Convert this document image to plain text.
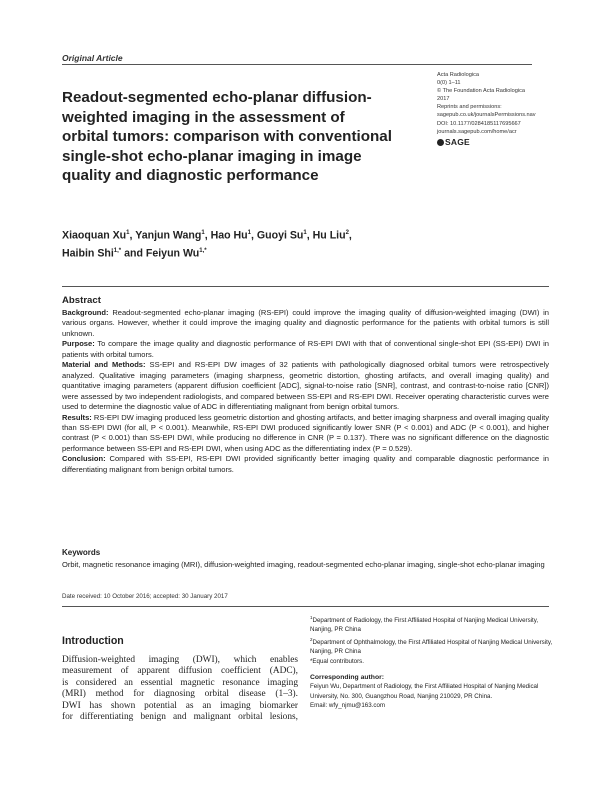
Original Article
Readout-segmented echo-planar diffusion-weighted imaging in the assessment of orbital tumors: comparison with conventional single-shot echo-planar imaging in image quality and diagnostic performance
Acta Radiologica
0(0) 1–11
© The Foundation Acta Radiologica
2017
Reprints and permissions:
sagepub.co.uk/journalsPermissions.nav
DOI: 10.1177/0284185117695667
journals.sagepub.com/home/acr
SAGE
Xiaoquan Xu$^1$, Yanjun Wang$^1$, Hao Hu$^1$, Guoyi Su$^1$, Hu Liu$^2$,
Haibin Shi$^{1,*}$ and Feiyun $Wu^{1,*}$
Abstract

Background: Readout-segmented echo-planar imaging (RS-EPI) could improve the imaging quality of diffusion-weighted imaging (DWI) in various organs. However, whether it could improve the imaging quality and diagnostic performance for the patients with orbital tumors is still unknown.

Purpose: To compare the image quality and diagnostic performance of RS-EPI DWI with that of conventional single-shot EPI (SS-EPI) DWI in patients with orbital tumors.

Material and Methods: SS-EPI and RS-EPI DW images of 32 patients with pathologically diagnosed orbital tumors were retrospectively analyzed. Qualitative imaging parameters (imaging sharpness, geometric distortion, ghosting artifacts, and overall imaging quality) and quantitative imaging parameters (apparent diffusion coefficient [ADC], signal-to-noise ratio [SNR], contrast, and contrast-to-noise ratio [CNR]) were assessed by two independent radiologists, and compared between SS-EPI and RS-EPI DWI. Receiver operating characteristic curves were used to determine the diagnostic value of ADC in differentiating malignant from benign orbital tumors.

Results: RS-EPI DW imaging produced less geometric distortion and ghosting artifacts, and better imaging sharpness and overall imaging quality than SS-EPI DWI (for all, P < 0.001). Meanwhile, RS-EPI DWI produced significantly lower SNR (P < 0.001) and ADC (P < 0.001), and higher contrast (P < 0.001) than SS-EPI DWI, while producing no difference in CNR (P = 0.137). There was no significant difference on the diagnostic performance between SS-EPI and RS-EPI DWI, when using ADC as the differentiating index (P = 0.529).

Conclusion: Compared with SS-EPI, RS-EPI DWI provided significantly better imaging quality and comparable diagnostic performance in differentiating malignant from benign orbital tumors.

Keywords
Orbit, magnetic resonance imaging (MRI), diffusion-weighted imaging, readout-segmented echo-planar imaging, single-shot echo-planar imaging
Date received: 10 October 2016; accepted: 30 January 2017
Introduction
Diffusion-weighted imaging (DWI), which enables
measurement of apparent diffusion coefficient (ADC),
is considered an essential magnetic resonance imaging
(MRI) method for diagnosing orbital disease (1–3).
DWI has shown potential as an imaging biomarker
for differentiating benign and malignant orbital lesions,
$^1$Department of Radiology, the First Affiliated Hospital of Nanjing Medical University, Nanjing, PR China
$^2$Department of Ophthalmology, the First Affiliated Hospital of Nanjing Medical University, Nanjing, PR China
*Equal contributors.
Corresponding author:
Feiyun Wu, Department of Radiology, the First Affiliated Hospital of Nanjing Medical University, No. 300, Guangzhou Road, Nanjing 210029, PR China.
Email: wfy_njmu@163.com
